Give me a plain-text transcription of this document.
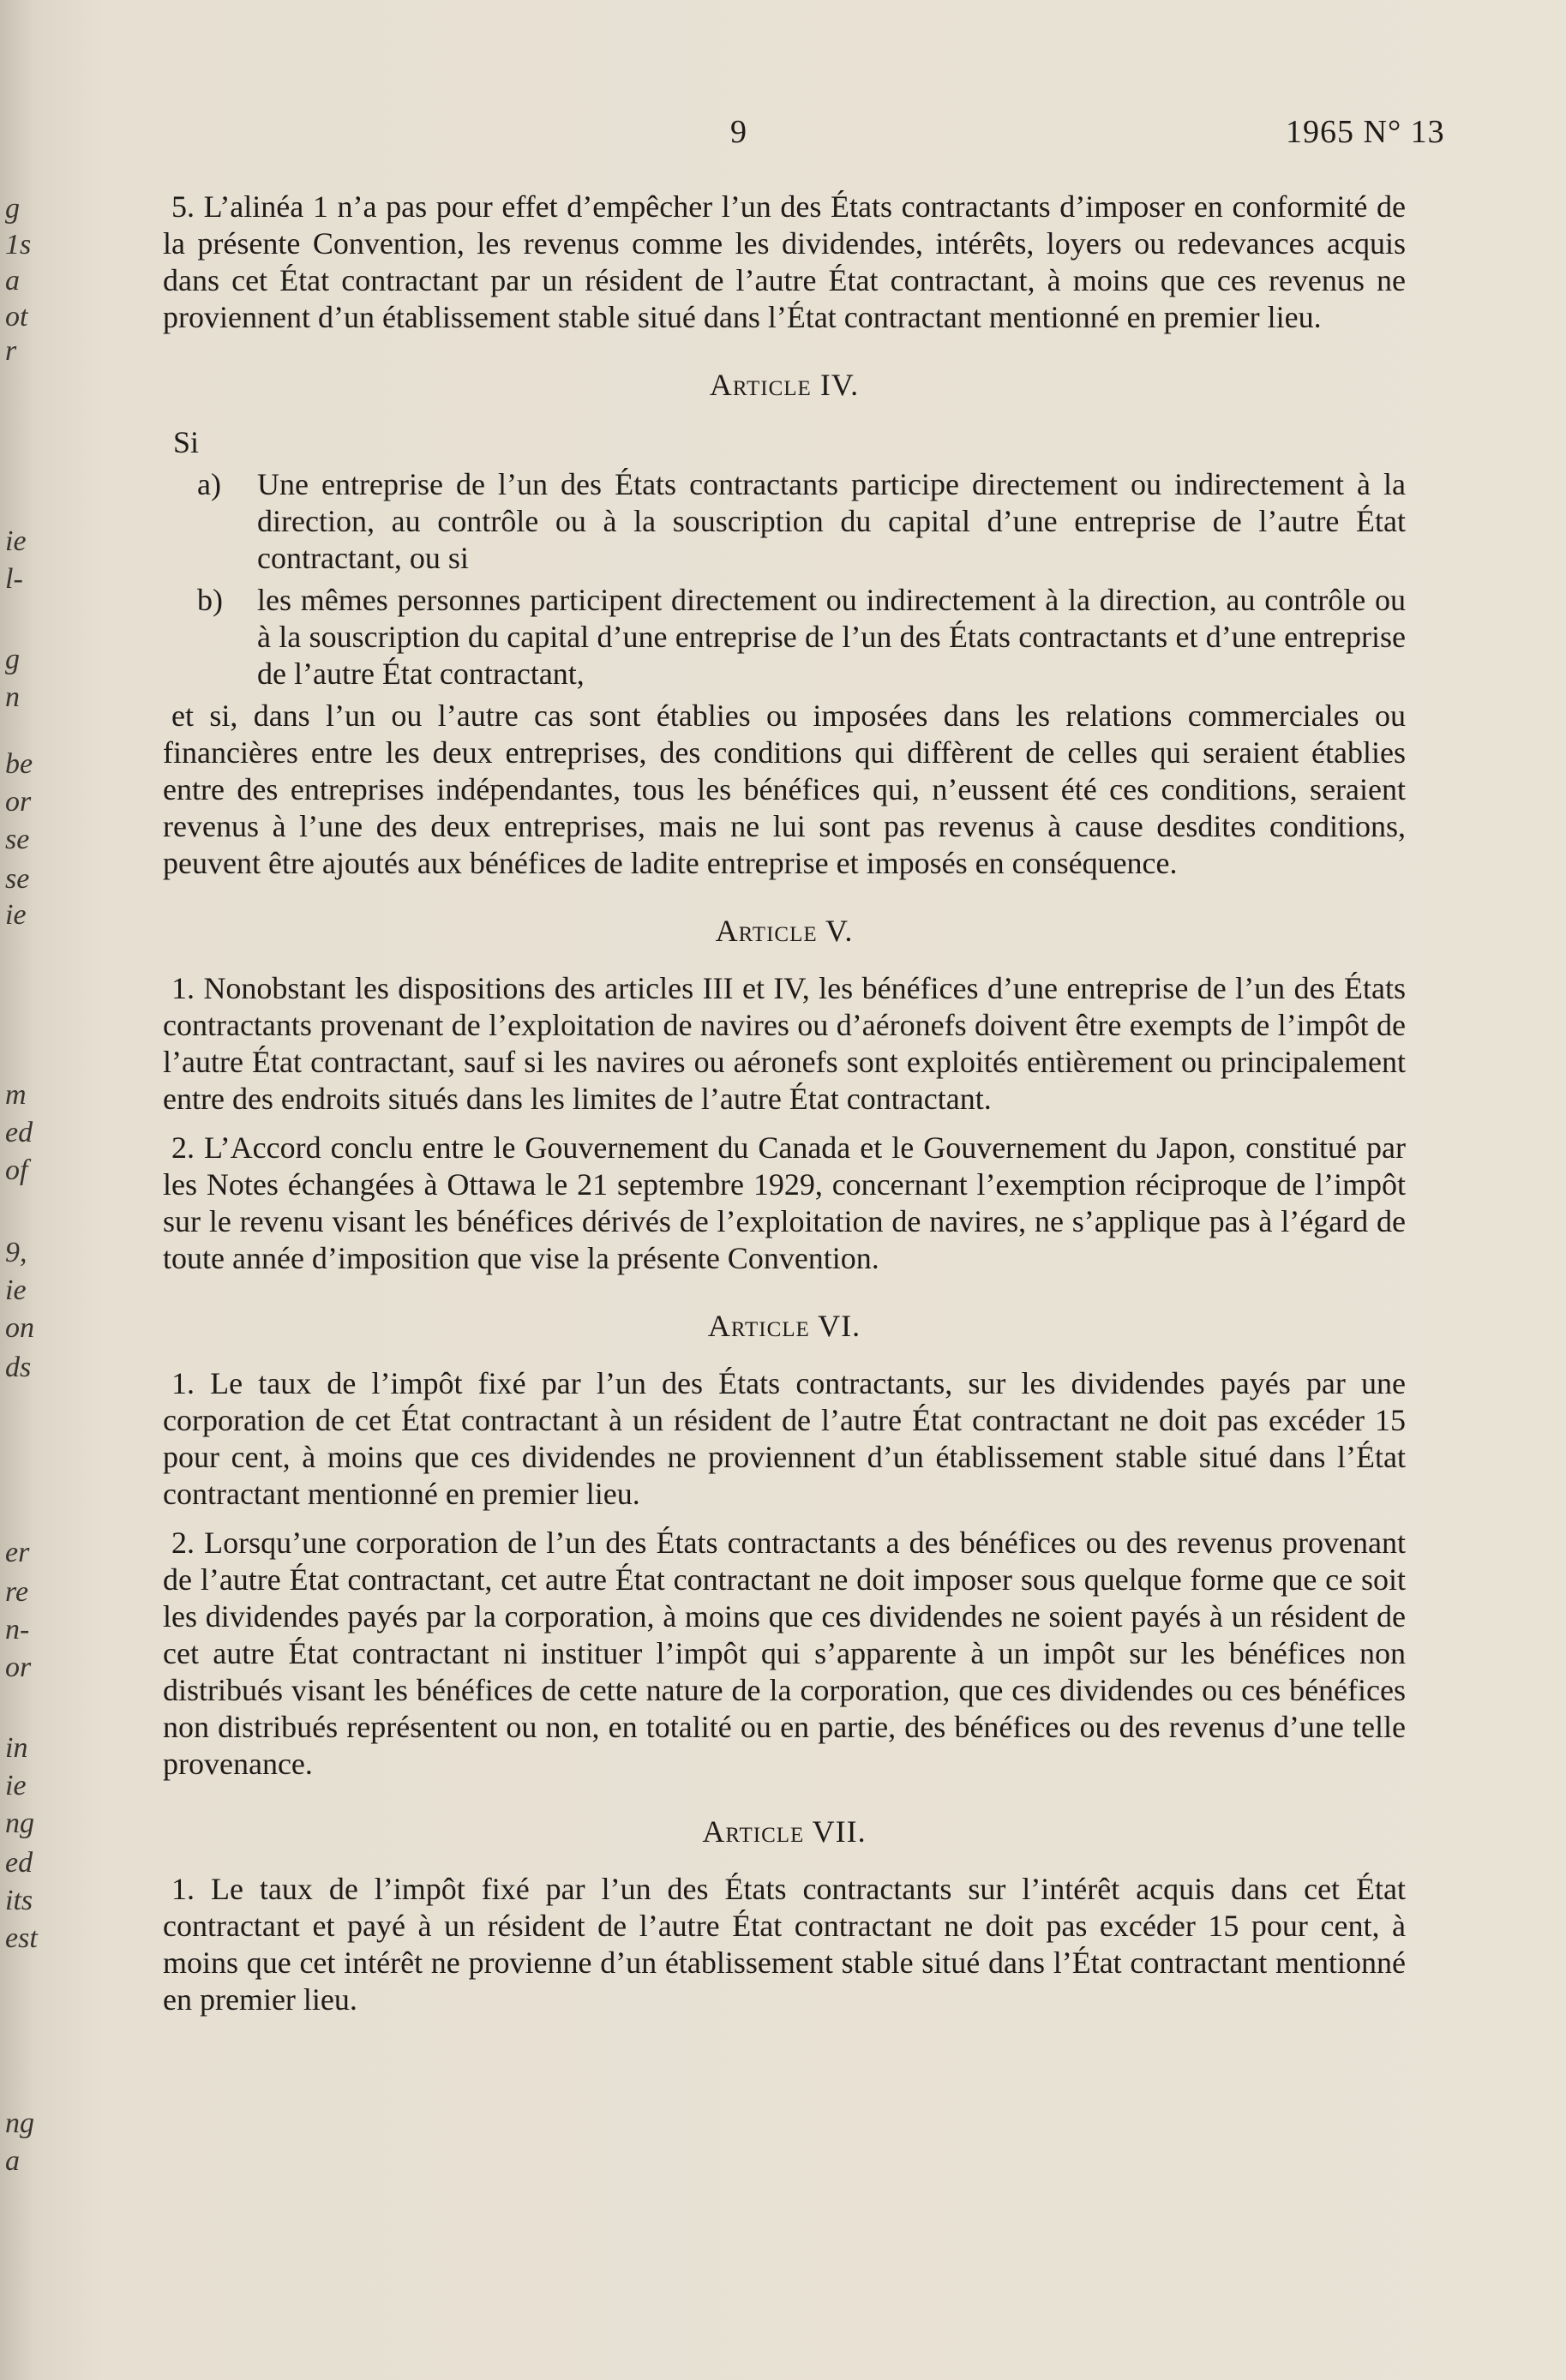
g
1s
a
ot
r
ie
l-
g
n
be
or
se
se
ie
m
ed
of
9,
ie
on
ds
er
re
n-
or
in
ie
ng
ed
its
est
ng
a
9	1965 N° 13

5. L’alinéa 1 n’a pas pour effet d’empêcher l’un des États contractants d’imposer en conformité de la présente Convention, les revenus comme les dividendes, intérêts, loyers ou redevances acquis dans cet État contractant par un résident de l’autre État contractant, à moins que ces revenus ne proviennent d’un établissement stable situé dans l’État contractant mentionné en premier lieu.

Article IV.

Si

a) Une entreprise de l’un des États contractants participe directement ou indirectement à la direction, au contrôle ou à la souscription du capital d’une entreprise de l’autre État contractant, ou si
b) les mêmes personnes participent directement ou indirectement à la direction, au contrôle ou à la souscription du capital d’une entreprise de l’un des États contractants et d’une entreprise de l’autre État contractant,

et si, dans l’un ou l’autre cas sont établies ou imposées dans les relations commerciales ou financières entre les deux entreprises, des conditions qui diffèrent de celles qui seraient établies entre des entreprises indépendantes, tous les bénéfices qui, n’eussent été ces conditions, seraient revenus à l’une des deux entreprises, mais ne lui sont pas revenus à cause desdites conditions, peuvent être ajoutés aux bénéfices de ladite entreprise et imposés en conséquence.

Article V.

1. Nonobstant les dispositions des articles III et IV, les bénéfices d’une entreprise de l’un des États contractants provenant de l’exploitation de navires ou d’aéronefs doivent être exempts de l’impôt de l’autre État contractant, sauf si les navires ou aéronefs sont exploités entièrement ou principalement entre des endroits situés dans les limites de l’autre État contractant.

2. L’Accord conclu entre le Gouvernement du Canada et le Gouvernement du Japon, constitué par les Notes échangées à Ottawa le 21 septembre 1929, concernant l’exemption réciproque de l’impôt sur le revenu visant les bénéfices dérivés de l’exploitation de navires, ne s’applique pas à l’égard de toute année d’imposition que vise la présente Convention.

Article VI.

1. Le taux de l’impôt fixé par l’un des États contractants, sur les dividendes payés par une corporation de cet État contractant à un résident de l’autre État contractant ne doit pas excéder 15 pour cent, à moins que ces dividendes ne proviennent d’un établissement stable situé dans l’État contractant mentionné en premier lieu.

2. Lorsqu’une corporation de l’un des États contractants a des bénéfices ou des revenus provenant de l’autre État contractant, cet autre État contractant ne doit imposer sous quelque forme que ce soit les dividendes payés par la corporation, à moins que ces dividendes ne soient payés à un résident de cet autre État contractant ni instituer l’impôt qui s’apparente à un impôt sur les bénéfices non distribués visant les bénéfices de cette nature de la corporation, que ces dividendes ou ces bénéfices non distribués représentent ou non, en totalité ou en partie, des bénéfices ou des revenus d’une telle provenance.

Article VII.

1. Le taux de l’impôt fixé par l’un des États contractants sur l’intérêt acquis dans cet État contractant et payé à un résident de l’autre État contractant ne doit pas excéder 15 pour cent, à moins que cet intérêt ne provienne d’un établissement stable situé dans l’État contractant mentionné en premier lieu.
